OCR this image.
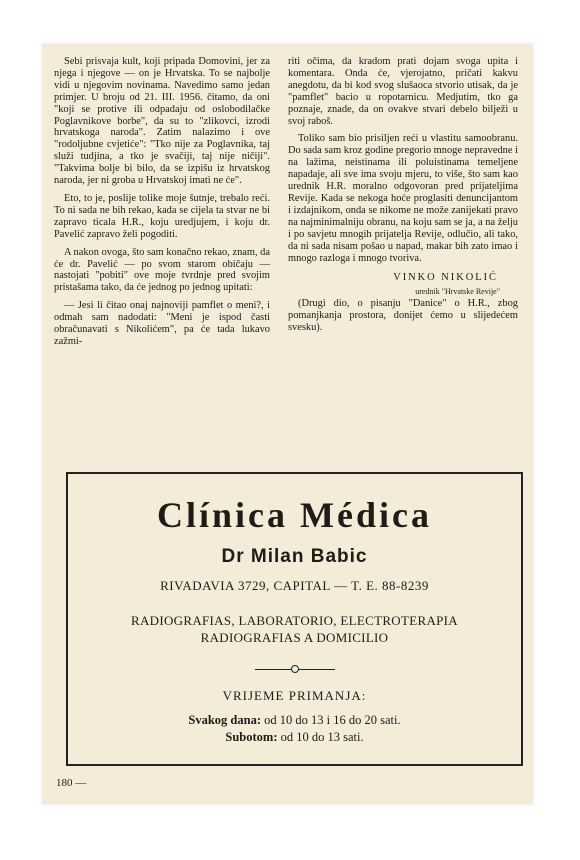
Sebi prisvaja kult, koji pripada Domovini, jer za njega i njegove — on je Hrvatska. To se najbolje vidi u njegovim novinama. Navedimo samo jedan primjer. U broju od 21. III. 1956. čitamo, da oni "koji se protive ili odpadaju od oslobodilačke Poglavnikove borbe", da su to "zlikovci, izrodi hrvatskoga naroda". Zatim nalazimo i ove "rodoljubne cvjetiće": "Tko nije za Poglavnika, taj služi tudjina, a tko je svačiji, taj nije ničiji". "Takvima bolje bi bilo, da se izpišu iz hrvatskog naroda, jer ni groba u Hrvatskoj imati ne će".

Eto, to je, poslije tolike moje šutnje, trebalo reći. To ni sada ne bih rekao, kada se cijela ta stvar ne bi zapravo ticala H.R., koju uredjujem, i koju dr. Pavelić zapravo želi pogoditi.

A nakon ovoga, što sam konačno rekao, znam, da će dr. Pavelić — po svom starom običaju — nastojati "pobiti" ove moje tvrdnje pred svojim pristašama tako, da će jednog po jednog upitati:

— Jesi li čitao onaj najnoviji pamflet o meni?, i odmah sam nadodati: "Meni je ispod časti obračunavati s Nikolićem", pa će tada lukavo zažmi-

riti očima, da kradom prati dojam svoga upita i komentara. Onda će, vjerojatno, pričati kakvu anegdotu, da bi kod svog slušaoca stvorio utisak, da je "pamflet" bacio u ropotarnicu. Medjutim, tko ga poznaje, znade, da on ovakve stvari debelo bilježi u svoj raboš.

Toliko sam bio prisiljen reći u vlastitu samoobranu. Do sada sam kroz godine pregorio mnoge nepravedne i na lažima, neistinama ili poluistinama temeljene napadaje, ali sve ima svoju mjeru, to više, što sam kao urednik H.R. moralno odgovoran pred prijateljima Revije. Kada se nekoga hoće proglasiti denuncijantom i izdajnikom, onda se nikome ne može zanijekati pravo na najminimalniju obranu, na koju sam se ja, a na želju i po savjetu mnogih prijatelja Revije, odlučio, ali tako, da ni sada nisam pošao u napad, makar bih zato imao i mnogo razloga i mnogo tvoriva.

VINKO NIKOLIĆ
urednik "Hrvatske Revije"

(Drugi dio, o pisanju "Danice" o H.R., zbog pomanjkanja prostora, donijet ćemo u slijedećem svesku).

Clínica Médica
Dr Milan Babic
RIVADAVIA 3729, CAPITAL — T. E. 88-8239
RADIOGRAFIAS, LABORATORIO, ELECTROTERAPIA
RADIOGRAFIAS A DOMICILIO
VRIJEME PRIMANJA:
Svakog dana: od 10 do 13 i 16 do 20 sati.
Subotom: od 10 do 13 sati.
180 —
